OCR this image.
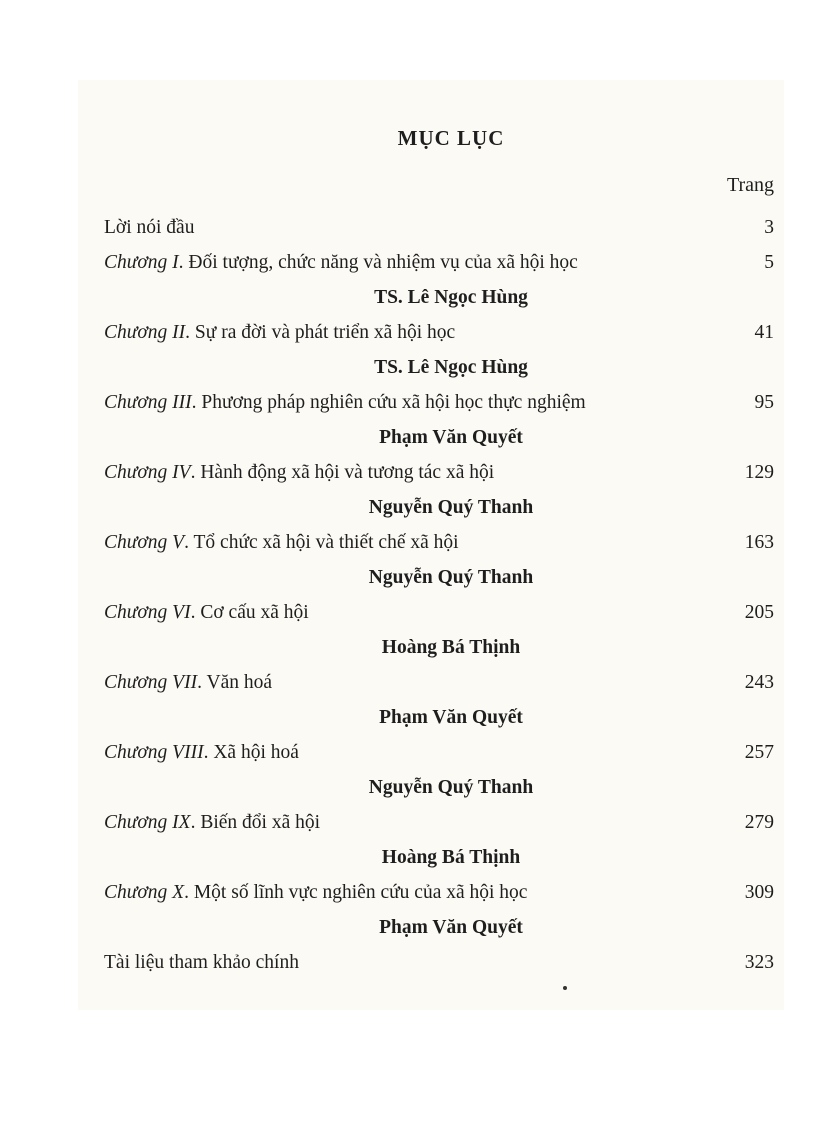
MỤC LỤC
Trang
Lời nói đầu	3
Chương I. Đối tượng, chức năng và nhiệm vụ của xã hội học	5
TS. Lê Ngọc Hùng
Chương II. Sự ra đời và phát triển xã hội học	41
TS. Lê Ngọc Hùng
Chương III. Phương pháp nghiên cứu xã hội học thực nghiệm	95
Phạm Văn Quyết
Chương IV. Hành động xã hội và tương tác xã hội	129
Nguyễn Quý Thanh
Chương V. Tổ chức xã hội và thiết chế xã hội	163
Nguyễn Quý Thanh
Chương VI. Cơ cấu xã hội	205
Hoàng Bá Thịnh
Chương VII. Văn hoá	243
Phạm Văn Quyết
Chương VIII. Xã hội hoá	257
Nguyễn Quý Thanh
Chương IX. Biến đổi xã hội	279
Hoàng Bá Thịnh
Chương X. Một số lĩnh vực nghiên cứu của xã hội học	309
Phạm Văn Quyết
Tài liệu tham khảo chính	323
